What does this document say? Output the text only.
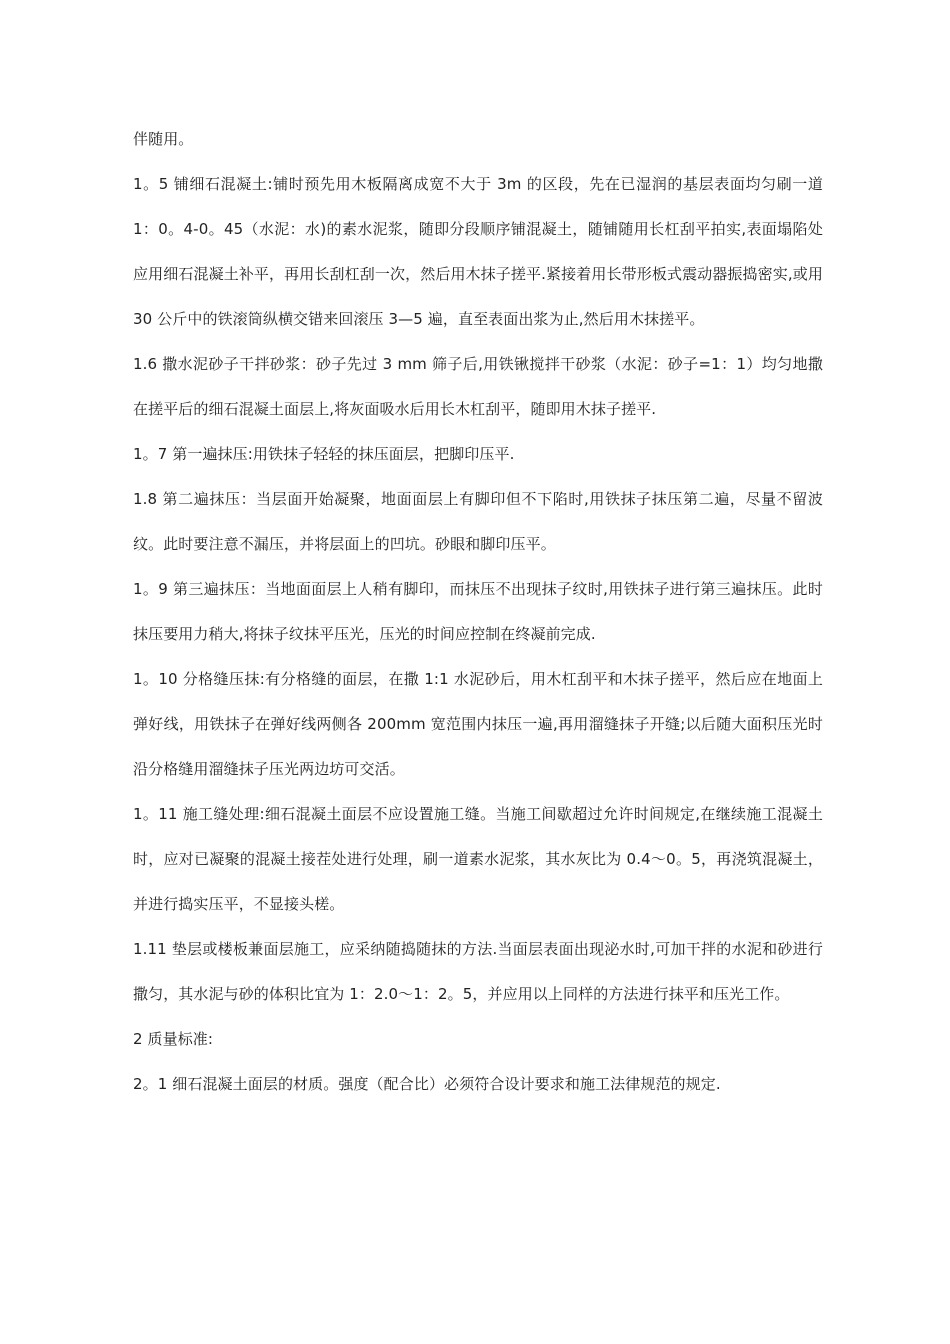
伴随用。

1。5 铺细石混凝土:铺时预先用木板隔离成宽不大于 3m 的区段，先在已湿润的基层表面均匀刷一道 1：0。4-0。45（水泥：水)的素水泥浆，随即分段顺序铺混凝土，随铺随用长杠刮平拍实,表面塌陷处应用细石混凝土补平，再用长刮杠刮一次，然后用木抹子搓平.紧接着用长带形板式震动器振捣密实,或用 30 公斤中的铁滚筒纵横交错来回滚压 3—5 遍，直至表面出浆为止,然后用木抹搓平。

1.6 撒水泥砂子干拌砂浆：砂子先过 3 mm 筛子后,用铁锹搅拌干砂浆（水泥：砂子=1：1）均匀地撒在搓平后的细石混凝土面层上,将灰面吸水后用长木杠刮平，随即用木抹子搓平.

1。7 第一遍抹压:用铁抹子轻轻的抹压面层，把脚印压平.

1.8 第二遍抹压：当层面开始凝聚，地面面层上有脚印但不下陷时,用铁抹子抹压第二遍，尽量不留波纹。此时要注意不漏压，并将层面上的凹坑。砂眼和脚印压平。

1。9 第三遍抹压：当地面面层上人稍有脚印，而抹压不出现抹子纹时,用铁抹子进行第三遍抹压。此时抹压要用力稍大,将抹子纹抹平压光，压光的时间应控制在终凝前完成.

1。10 分格缝压抹:有分格缝的面层，在撒 1:1 水泥砂后，用木杠刮平和木抹子搓平，然后应在地面上弹好线，用铁抹子在弹好线两侧各 200mm 宽范围内抹压一遍,再用溜缝抹子开缝;以后随大面积压光时沿分格缝用溜缝抹子压光两边坊可交活。

1。11 施工缝处理:细石混凝土面层不应设置施工缝。当施工间歇超过允许时间规定,在继续施工混凝土时，应对已凝聚的混凝土接茬处进行处理，刷一道素水泥浆，其水灰比为 0.4～0。5，再浇筑混凝土，并进行捣实压平，不显接头槎。

1.11 垫层或楼板兼面层施工，应采纳随捣随抹的方法.当面层表面出现泌水时,可加干拌的水泥和砂进行撒匀，其水泥与砂的体积比宜为 1：2.0～1：2。5，并应用以上同样的方法进行抹平和压光工作。

2 质量标准:

2。1 细石混凝土面层的材质。强度（配合比）必须符合设计要求和施工法律规范的规定.
